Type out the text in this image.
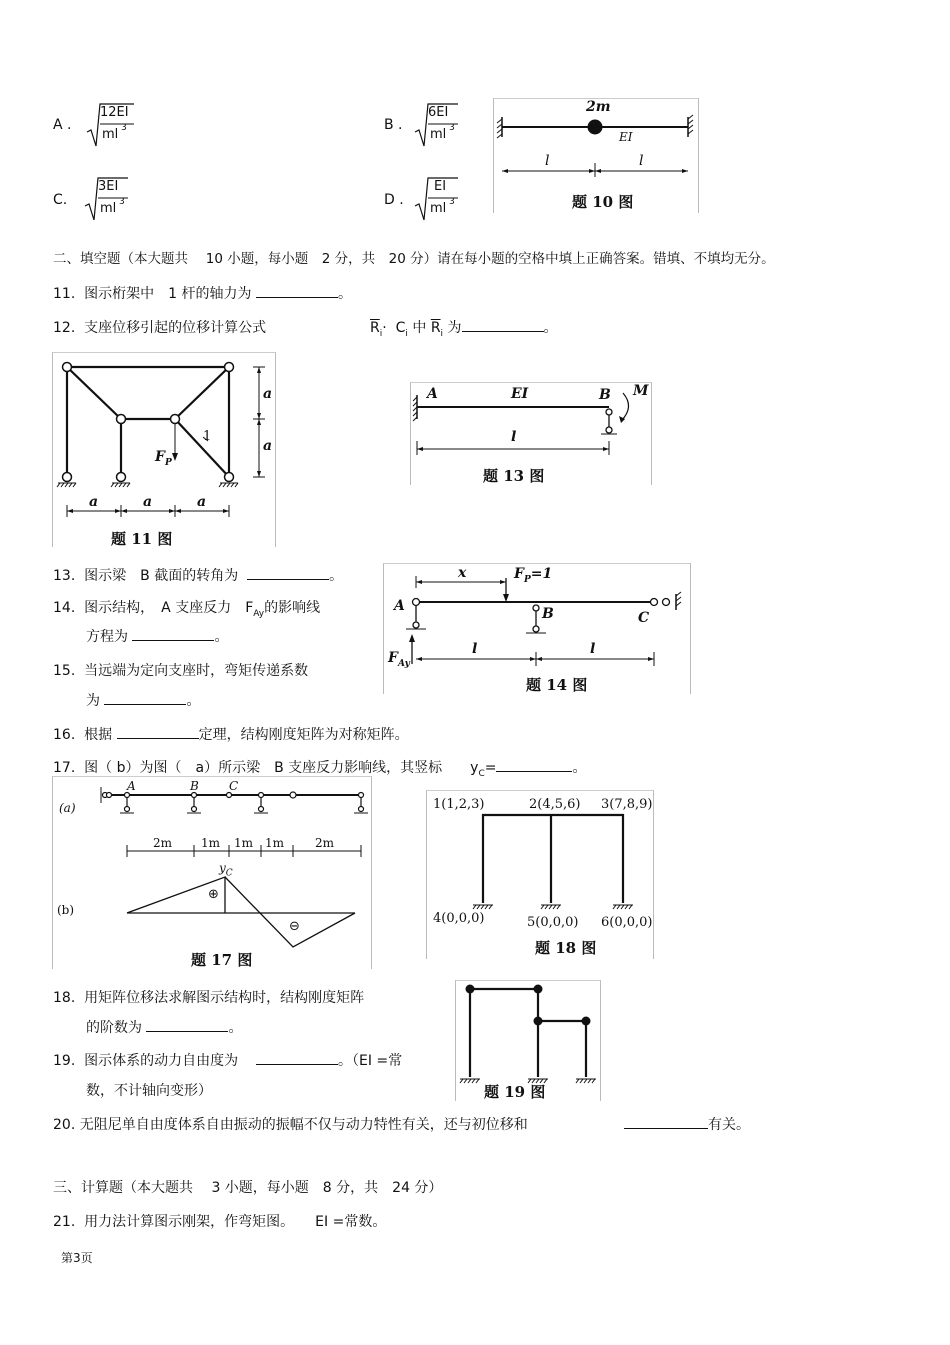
A .
12EI
ml 3	B .
6EI
ml 3
C.
3EI
ml 3	D .
EI
ml 3
2m
EI
l	l
题 10 图
二、填空题（本大题共　 10 小题，每小题　2 分，共　20 分）请在每小题的空格中填上正确答案。错填、不填均无分。
11. 图示桁架中　1 杆的轴力为	。
12. 支座位移引起的位移计算公式	$\overline{R}_i\cdot C_i$ 中 $\overline{R}_i$ 为	。
a	a	a
a
a
$F_P$
1
题 11 图
A	EI	B M
l
题 13 图
13. 图示梁　B 截面的转角为	。
14. 图示结构，　A 支座反力　$F_{Ay}$的影响线
方程为	。
15. 当远端为定向支座时，弯矩传递系数
为	。
x	$F_P=1$
A	B	C
$F_{Ay}$
l	l
题 14 图
16. 根据	定理，结构刚度矩阵为对称矩阵。
17. 图（ b）为图（　a）所示梁　B 支座反力影响线，其竖标　　$y_C=$	。
(a)
(b)
A	B	C
2m 1m 1m 1m	2m
$y_C$
⊕
⊖
题 17 图
1(1,2,3)	2(4,5,6) 3(7,8,9)
4(0,0,0)	5(0,0,0) 6(0,0,0)
题 18 图
18. 用矩阵位移法求解图示结构时，结构刚度矩阵
的阶数为	。
19. 图示体系的动力自由度为	。（EI =常
数，不计轴向变形）	题 19 图
20. 无阻尼单自由度体系自由振动的振幅不仅与动力特性有关，还与初位移和	有关。
三、计算题（本大题共　 3 小题，每小题　8 分，共　24 分）
21. 用力法计算图示刚架，作弯矩图。　　EI =常数。
第3页
